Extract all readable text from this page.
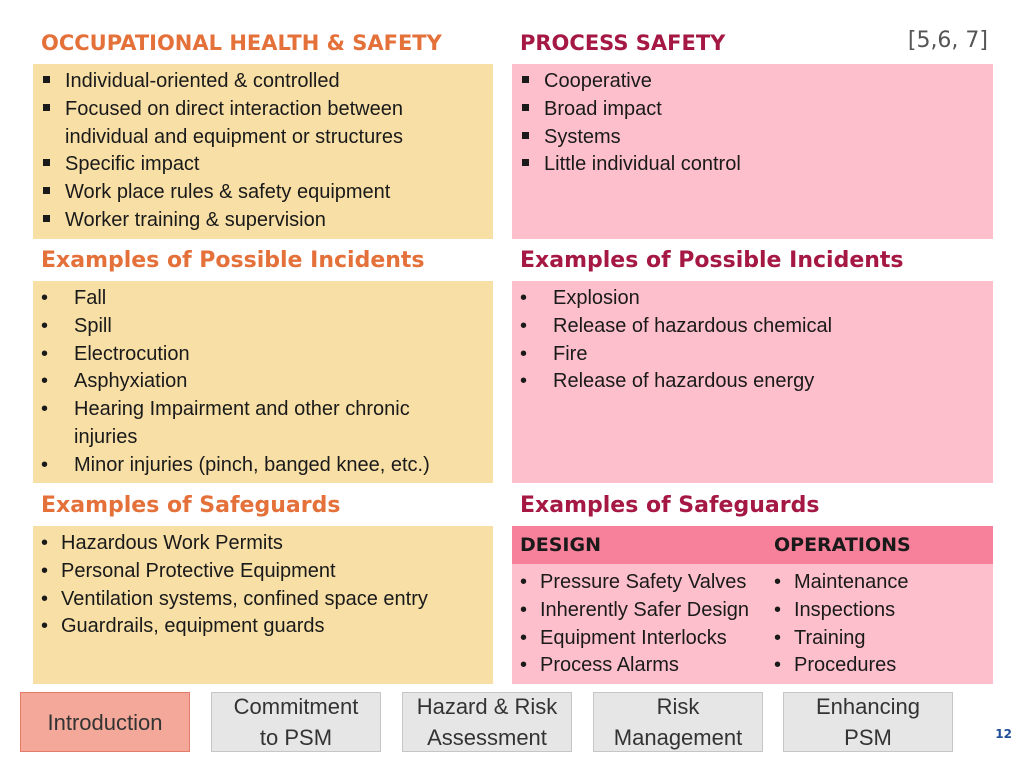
OCCUPATIONAL HEALTH & SAFETY	PROCESS SAFETY	[5,6, 7]
Individual-oriented & controlled
Focused on direct interaction between individual and equipment or structures
Specific impact
Work place rules & safety equipment
Worker training & supervision
Cooperative
Broad impact
Systems
Little individual control
Examples of Possible Incidents	Examples of Possible Incidents
• Fall
• Spill
• Electrocution
• Asphyxiation
• Hearing Impairment and other chronic injuries
• Minor injuries (pinch, banged knee, etc.)
• Explosion
• Release of hazardous chemical
• Fire
• Release of hazardous energy
Examples of Safeguards	Examples of Safeguards
• Hazardous Work Permits
• Personal Protective Equipment
• Ventilation systems, confined space entry
• Guardrails, equipment guards
DESIGN	OPERATIONS
• Pressure Safety Valves
• Inherently Safer Design
• Equipment Interlocks
• Process Alarms
• Maintenance
• Inspections
• Training
• Procedures
Introduction
Commitment to PSM
Hazard & Risk Assessment
Risk Management
Enhancing PSM	12
